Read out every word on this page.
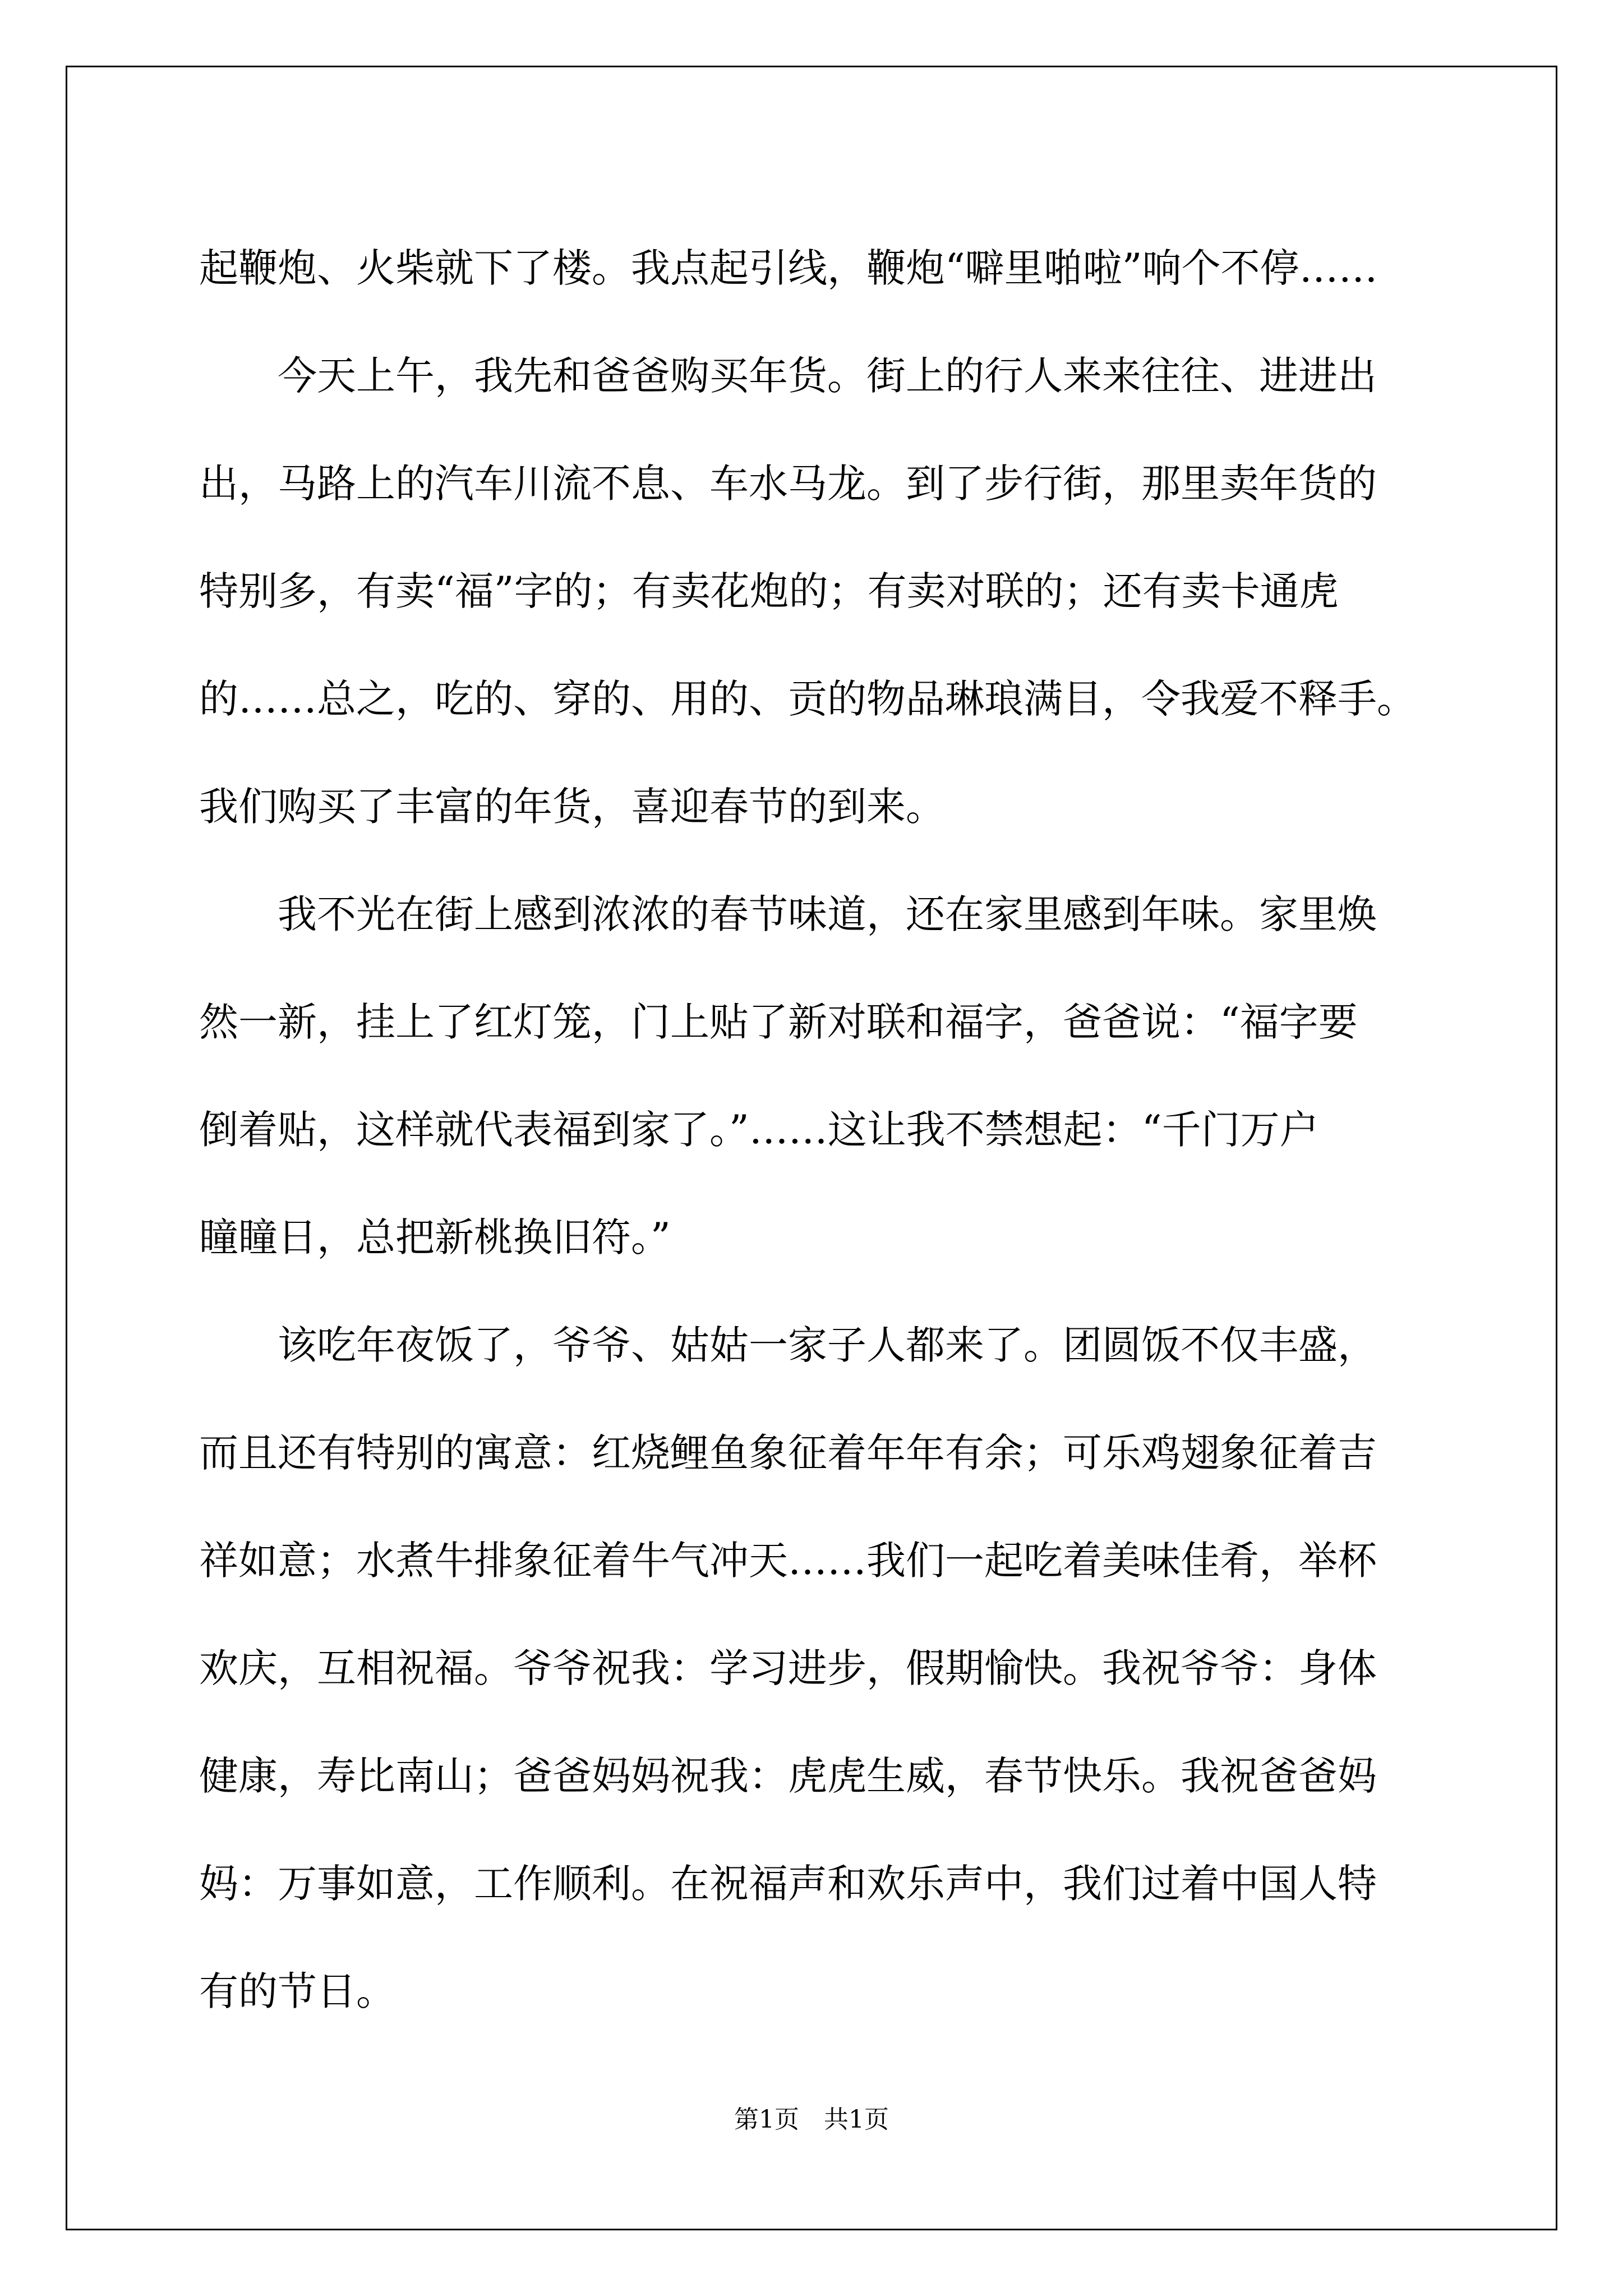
起鞭炮、火柴就下了楼。我点起引线，鞭炮“噼里啪啦”响个不停……
今天上午，我先和爸爸购买年货。街上的行人来来往往、进进出
出，马路上的汽车川流不息、车水马龙。到了步行街，那里卖年货的
特别多，有卖“福”字的；有卖花炮的；有卖对联的；还有卖卡通虎
的……总之，吃的、穿的、用的、贡的物品琳琅满目，令我爱不释手。
我们购买了丰富的年货，喜迎春节的到来。
我不光在街上感到浓浓的春节味道，还在家里感到年味。家里焕
然一新，挂上了红灯笼，门上贴了新对联和福字，爸爸说：“福字要
倒着贴，这样就代表福到家了。”……这让我不禁想起：“千门万户
瞳瞳日，总把新桃换旧符。”
该吃年夜饭了，爷爷、姑姑一家子人都来了。团圆饭不仅丰盛，
而且还有特别的寓意：红烧鲤鱼象征着年年有余；可乐鸡翅象征着吉
祥如意；水煮牛排象征着牛气冲天……我们一起吃着美味佳肴，举杯
欢庆，互相祝福。爷爷祝我：学习进步，假期愉快。我祝爷爷：身体
健康，寿比南山；爸爸妈妈祝我：虎虎生威，春节快乐。我祝爸爸妈
妈：万事如意，工作顺利。在祝福声和欢乐声中，我们过着中国人特
有的节日。
第1页　共1页
